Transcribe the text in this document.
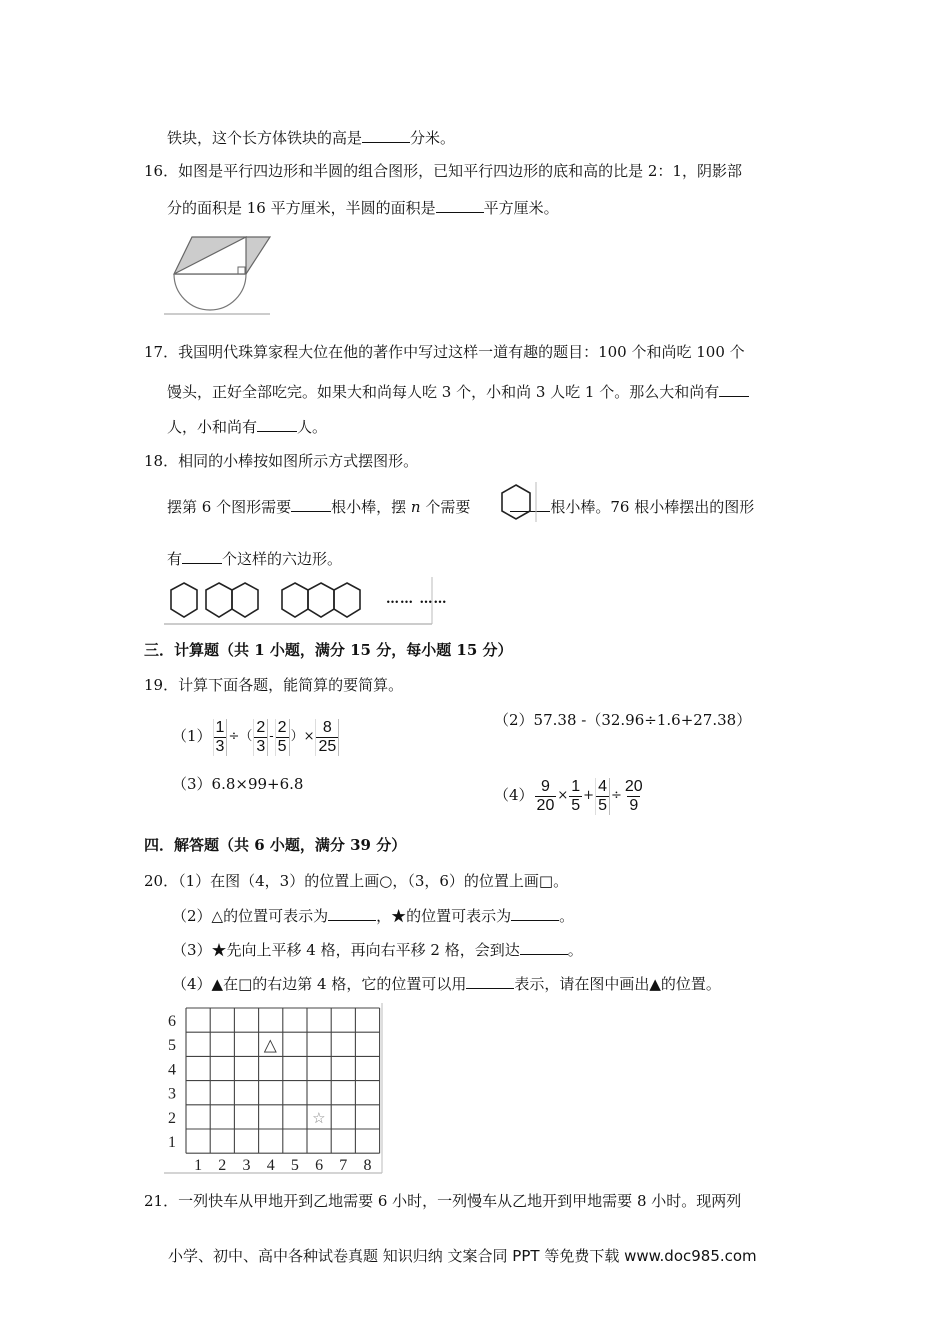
铁块，这个长方体铁块的高是	分米。
16．如图是平行四边形和半圆的组合图形，已知平行四边形的底和高的比是 2：1，阴影部
分的面积是 16 平方厘米，半圆的面积是	平方厘米。
17．我国明代珠算家程大位在他的著作中写过这样一道有趣的题目：100 个和尚吃 100 个
馒头，正好全部吃完。如果大和尚每人吃 3 个，小和尚 3 人吃 1 个。那么大和尚有
人，小和尚有	人。
18．相同的小棒按如图所示方式摆图形。
摆第 6 个图形需要	根小棒，摆 n 个需要	根小棒。76 根小棒摆出的图形
有	个这样的六边形。
…… ……
三．计算题（共 1 小题，满分 15 分，每小题 15 分）
19．计算下面各题，能简算的要简算。
$(1) \frac{1}{3}$ ÷（ $\frac{2}{3} - \frac{2}{5}$ ）× $\frac{8}{25}$	（2）57.38 -（32.96÷1.6+27.38）
（3）6.8×99+6.8
$(4) \frac{9}{20} \times \frac{1}{5} + \frac{4}{5} \div \frac{20}{9}$
四．解答题（共 6 小题，满分 39 分）
20．（1）在图（4，3）的位置上画○，（3，6）的位置上画□。
（2）△的位置可表示为	，★的位置可表示为	。
（3）★先向上平移 4 格，再向右平移 2 格，会到达	。
（4）▲在□的右边第 4 格，它的位置可以用	表示，请在图中画出▲的位置。
6
5
4
3
2
1
1 2 3 4 5 6 7 8
△
☆
21．一列快车从甲地开到乙地需要 6 小时，一列慢车从乙地开到甲地需要 8 小时。现两列
小学、初中、高中各种试卷真题 知识归纳 文案合同 PPT 等免费下载 www.doc985.com
